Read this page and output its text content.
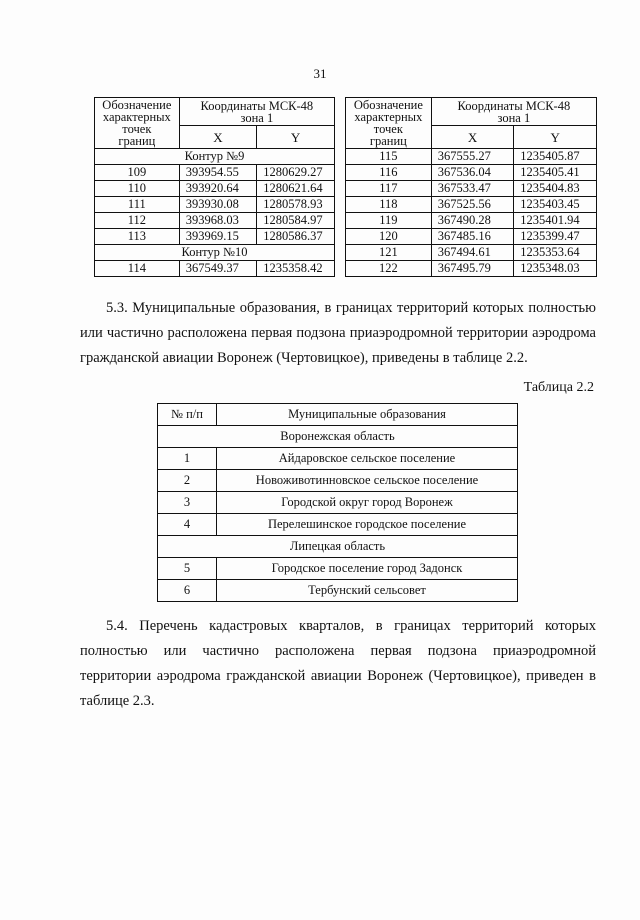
31
Обозначение
характерных
точек
границ	Координаты МСК-48
зона 1	
	X	Y
Контур №9		
109	393954.55	1280629.27
110	393920.64	1280621.64
111	393930.08	1280578.93
112	393968.03	1280584.97
113	393969.15	1280586.37
Контур №10		
114	367549.37	1235358.42
Обозначение
характерных
точек
границ	Координаты МСК-48
зона 1	
	X	Y
115	367555.27	1235405.87
116	367536.04	1235405.41
117	367533.47	1235404.83
118	367525.56	1235403.45
119	367490.28	1235401.94
120	367485.16	1235399.47
121	367494.61	1235353.64
122	367495.79	1235348.03
5.3. Муниципальные образования, в границах территорий которых полностью или частично расположена первая подзона приаэродромной территории аэродрома гражданской авиации Воронеж (Чертовицкое), приведены в таблице 2.2.
Таблица 2.2
№ п/п	Муниципальные образования
Воронежская область	
1	Айдаровское сельское поселение
2	Новоживотинновское сельское поселение
3	Городской округ город Воронеж
4	Перелешинское городское поселение
Липецкая область	
5	Городское поселение город Задонск
6	Тербунский сельсовет
5.4. Перечень кадастровых кварталов, в границах территорий которых полностью или частично расположена первая подзона приаэродромной территории аэродрома гражданской авиации Воронеж (Чертовицкое), приведен в таблице 2.3.
